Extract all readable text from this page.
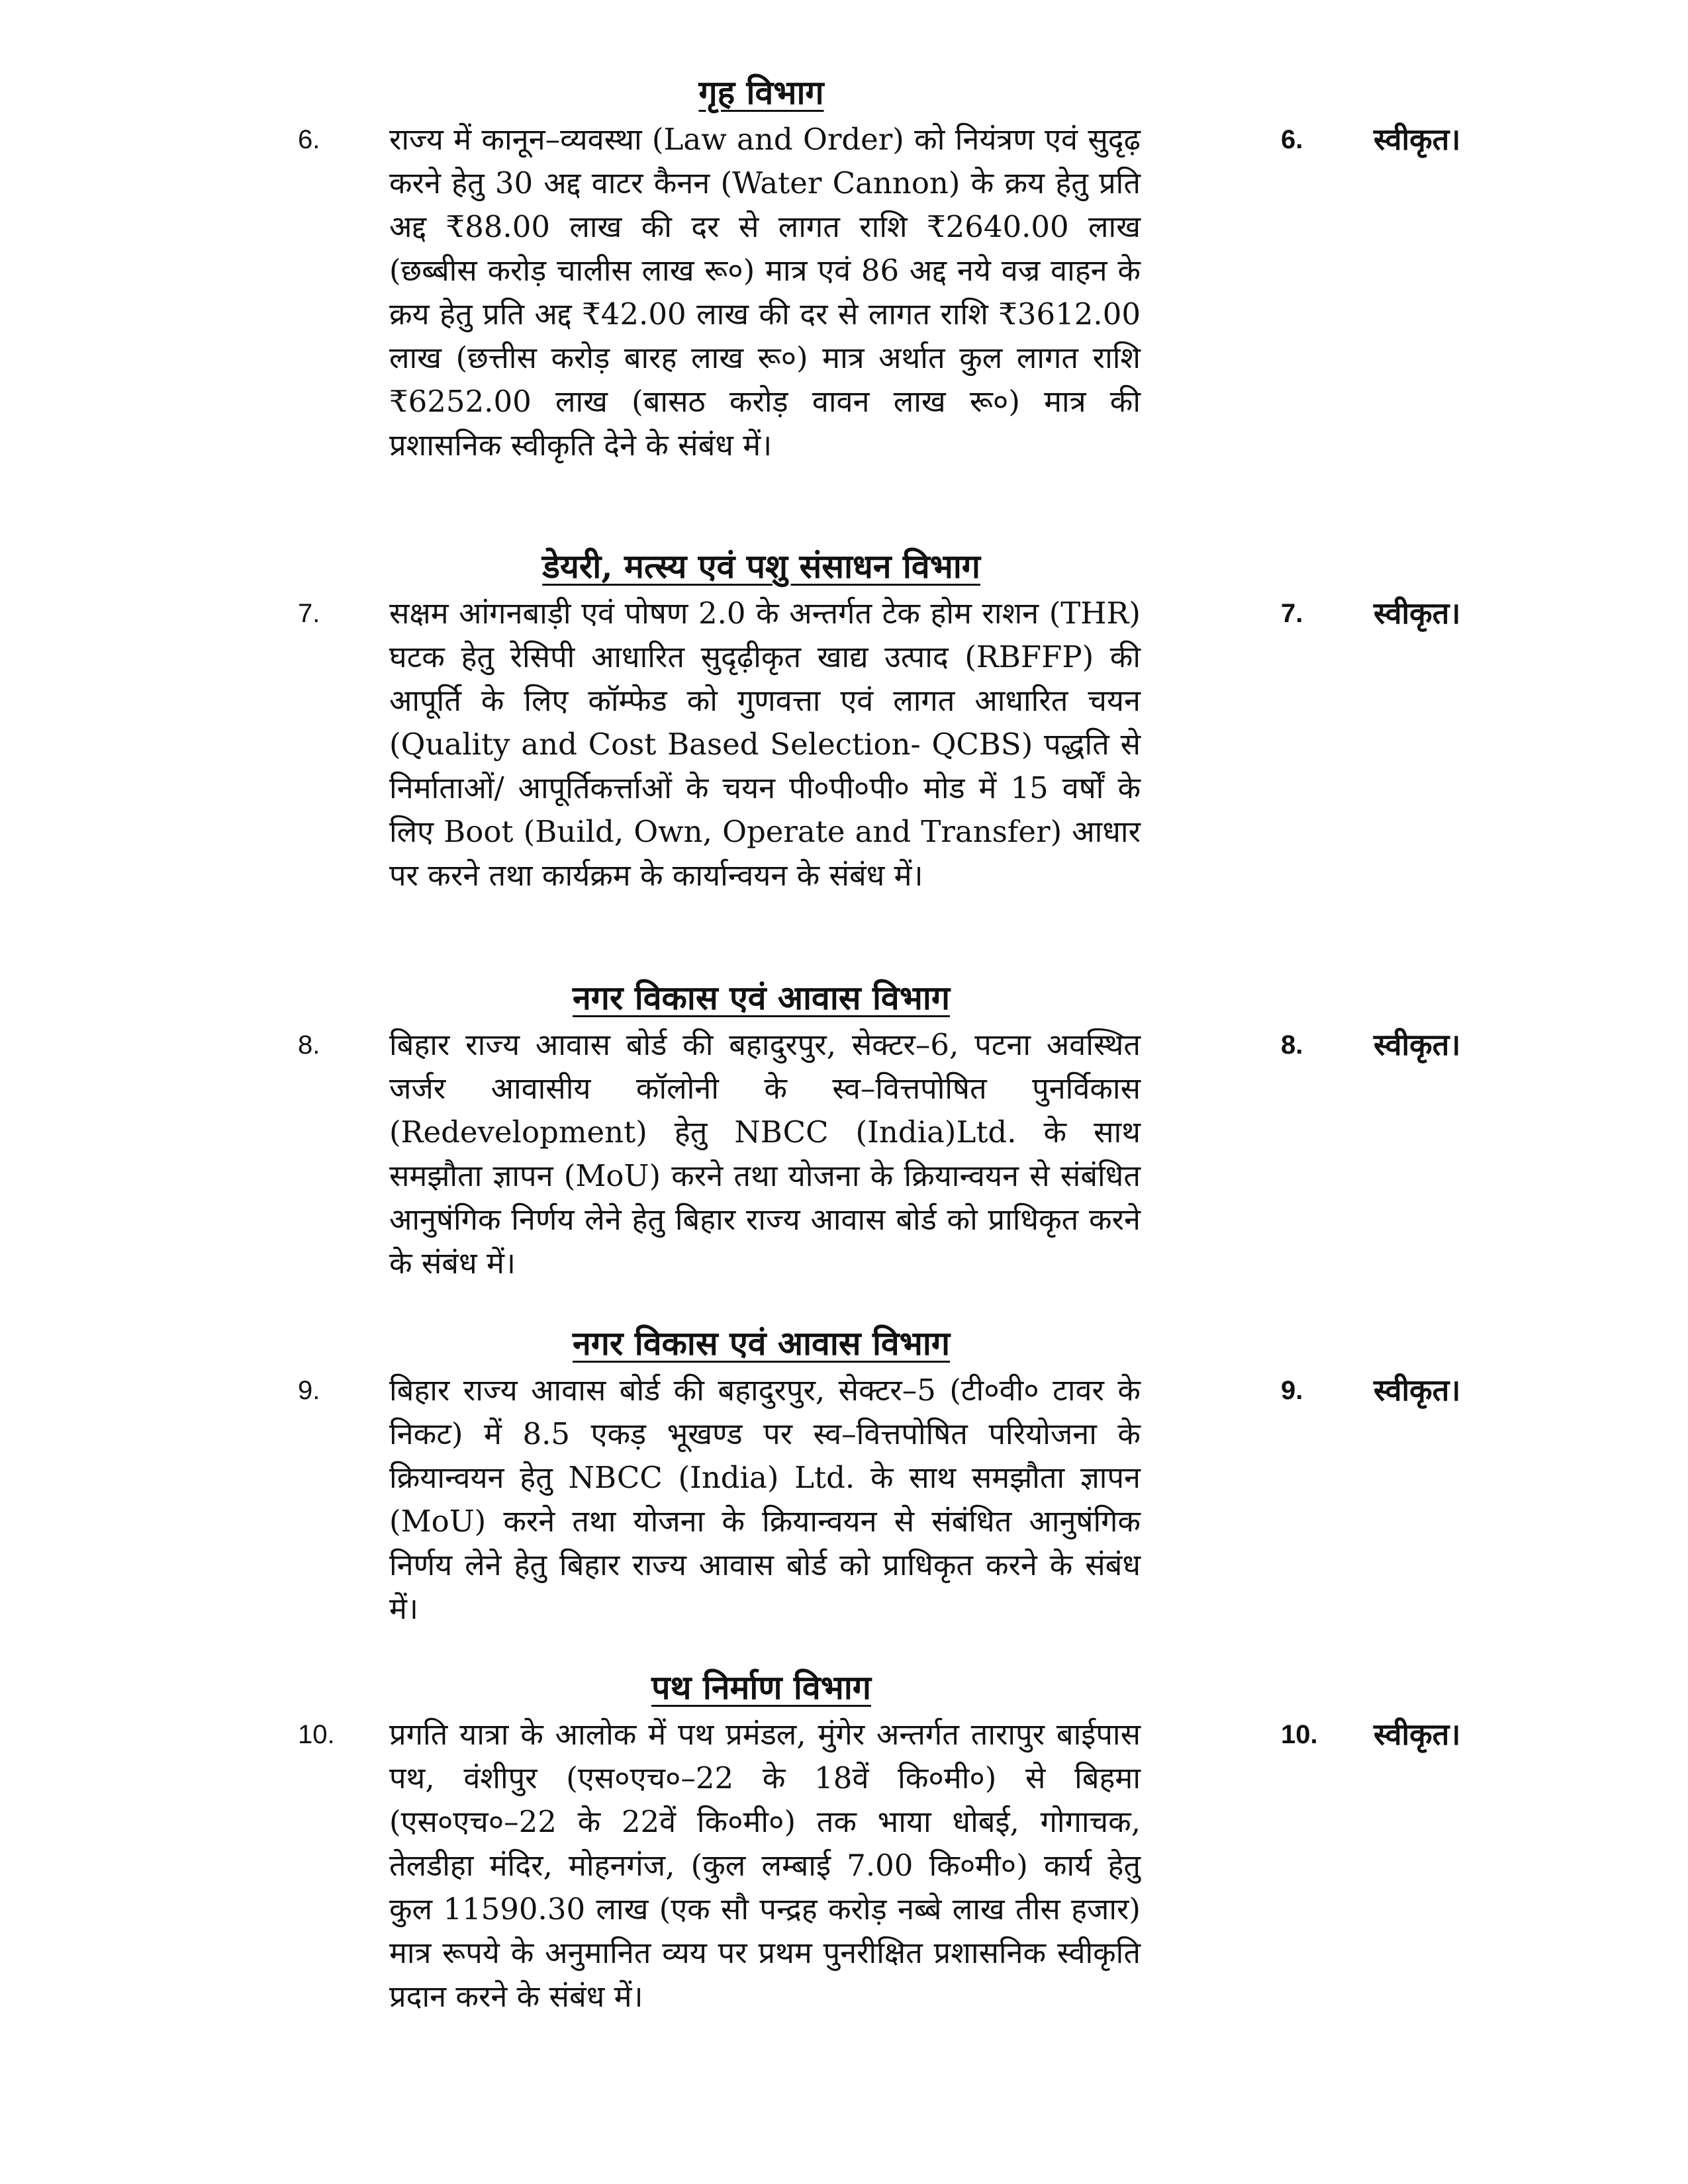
गृह विभाग
6. राज्य में कानून–व्यवस्था (Law and Order) को नियंत्रण एवं सुदृढ़ करने हेतु 30 अद्द वाटर कैनन (Water Cannon) के क्रय हेतु प्रति अद्द ₹88.00 लाख की दर से लागत राशि ₹2640.00 लाख (छब्बीस करोड़ चालीस लाख रू०) मात्र एवं 86 अद्द नये वज्र वाहन के क्रय हेतु प्रति अद्द ₹42.00 लाख की दर से लागत राशि ₹3612.00 लाख (छत्तीस करोड़ बारह लाख रू०) मात्र अर्थात कुल लागत राशि ₹6252.00 लाख (बासठ करोड़ वावन लाख रू०) मात्र की प्रशासनिक स्वीकृति देने के संबंध में।
6. स्वीकृत।
डेयरी, मत्स्य एवं पशु संसाधन विभाग
7. सक्षम आंगनबाड़ी एवं पोषण 2.0 के अन्तर्गत टेक होम राशन (THR) घटक हेतु रेसिपी आधारित सुदृढ़ीकृत खाद्य उत्पाद (RBFFP) की आपूर्ति के लिए कॉम्फेड को गुणवत्ता एवं लागत आधारित चयन (Quality and Cost Based Selection- QCBS) पद्धति से निर्माताओं/ आपूर्तिकर्त्ताओं के चयन पी०पी०पी० मोड में 15 वर्षों के लिए Boot (Build, Own, Operate and Transfer) आधार पर करने तथा कार्यक्रम के कार्यान्वयन के संबंध में।
7. स्वीकृत।
नगर विकास एवं आवास विभाग
8. बिहार राज्य आवास बोर्ड की बहादुरपुर, सेक्टर–6, पटना अवस्थित जर्जर आवासीय कॉलोनी के स्व–वित्तपोषित पुनर्विकास (Redevelopment) हेतु NBCC (India)Ltd. के साथ समझौता ज्ञापन (MoU) करने तथा योजना के क्रियान्वयन से संबंधित आनुषंगिक निर्णय लेने हेतु बिहार राज्य आवास बोर्ड को प्राधिकृत करने के संबंध में।
8. स्वीकृत।
नगर विकास एवं आवास विभाग
9. बिहार राज्य आवास बोर्ड की बहादुरपुर, सेक्टर–5 (टी०वी० टावर के निकट) में 8.5 एकड़ भूखण्ड पर स्व–वित्तपोषित परियोजना के क्रियान्वयन हेतु NBCC (India) Ltd. के साथ समझौता ज्ञापन (MoU) करने तथा योजना के क्रियान्वयन से संबंधित आनुषंगिक निर्णय लेने हेतु बिहार राज्य आवास बोर्ड को प्राधिकृत करने के संबंध में।
9. स्वीकृत।
पथ निर्माण विभाग
10. प्रगति यात्रा के आलोक में पथ प्रमंडल, मुंगेर अन्तर्गत तारापुर बाईपास पथ, वंशीपुर (एस०एच०–22 के 18वें कि०मी०) से बिहमा (एस०एच०–22 के 22वें कि०मी०) तक भाया धोबई, गोगाचक, तेलडीहा मंदिर, मोहनगंज, (कुल लम्बाई 7.00 कि०मी०) कार्य हेतु कुल 11590.30 लाख (एक सौ पन्द्रह करोड़ नब्बे लाख तीस हजार) मात्र रूपये के अनुमानित व्यय पर प्रथम पुनरीक्षित प्रशासनिक स्वीकृति प्रदान करने के संबंध में।
10. स्वीकृत।
